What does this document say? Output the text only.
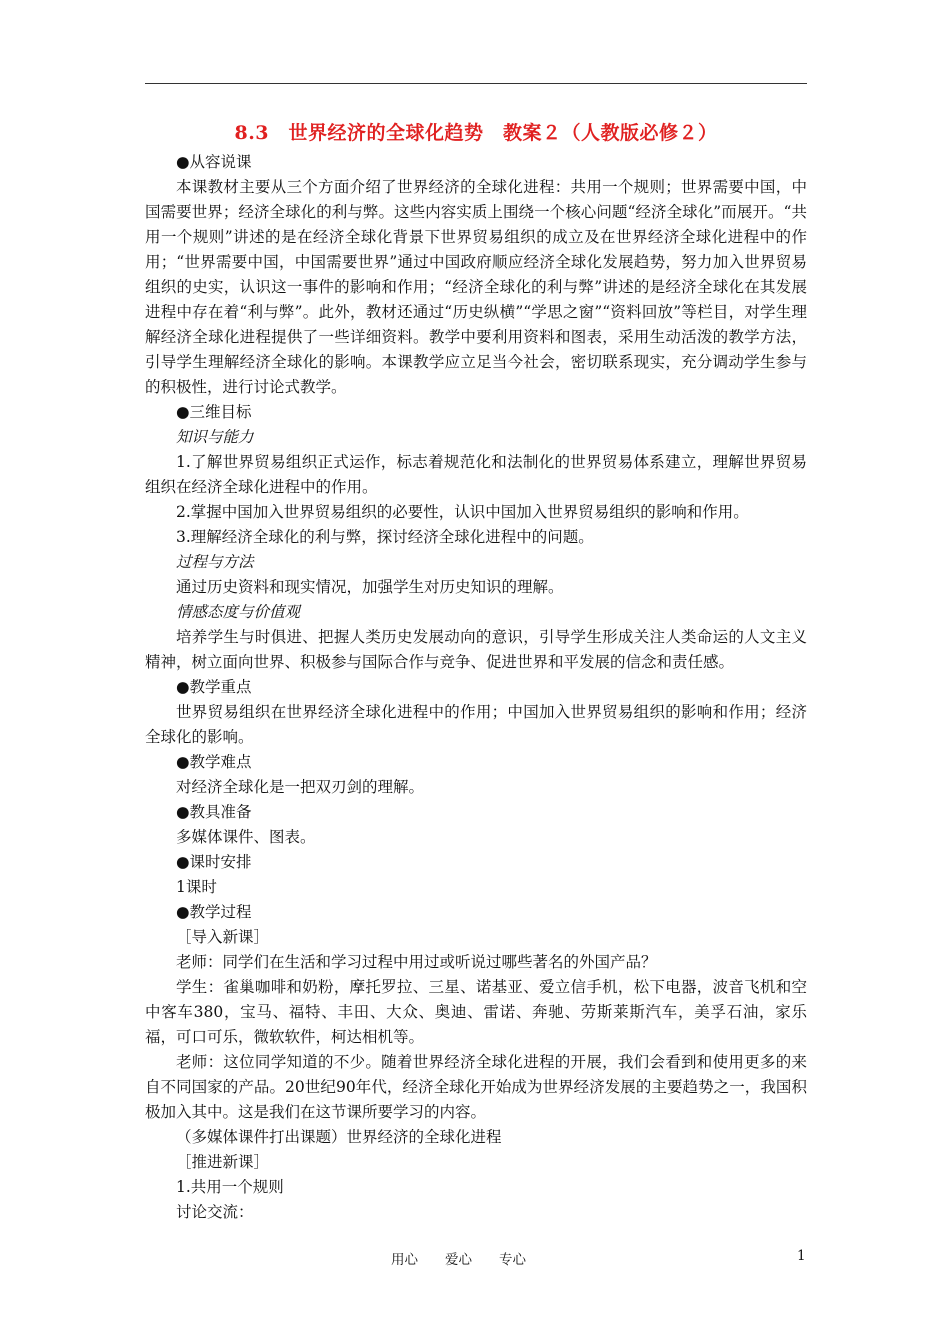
8.3　世界经济的全球化趋势　教案２（人教版必修２）

●从容说课

本课教材主要从三个方面介绍了世界经济的全球化进程：共用一个规则；世界需要中国，中国需要世界；经济全球化的利与弊。这些内容实质上围绕一个核心问题“经济全球化”而展开。“共用一个规则”讲述的是在经济全球化背景下世界贸易组织的成立及在世界经济全球化进程中的作用；“世界需要中国，中国需要世界”通过中国政府顺应经济全球化发展趋势，努力加入世界贸易组织的史实，认识这一事件的影响和作用；“经济全球化的利与弊”讲述的是经济全球化在其发展进程中存在着“利与弊”。此外，教材还通过“历史纵横”“学思之窗”“资料回放”等栏目，对学生理解经济全球化进程提供了一些详细资料。教学中要利用资料和图表，采用生动活泼的教学方法，引导学生理解经济全球化的影响。本课教学应立足当今社会，密切联系现实，充分调动学生参与的积极性，进行讨论式教学。

●三维目标

知识与能力

1.了解世界贸易组织正式运作，标志着规范化和法制化的世界贸易体系建立，理解世界贸易组织在经济全球化进程中的作用。

2.掌握中国加入世界贸易组织的必要性，认识中国加入世界贸易组织的影响和作用。

3.理解经济全球化的利与弊，探讨经济全球化进程中的问题。

过程与方法

通过历史资料和现实情况，加强学生对历史知识的理解。

情感态度与价值观

培养学生与时俱进、把握人类历史发展动向的意识，引导学生形成关注人类命运的人文主义精神，树立面向世界、积极参与国际合作与竞争、促进世界和平发展的信念和责任感。

●教学重点

世界贸易组织在世界经济全球化进程中的作用；中国加入世界贸易组织的影响和作用；经济全球化的影响。

●教学难点

对经济全球化是一把双刃剑的理解。

●教具准备

多媒体课件、图表。

●课时安排

1课时

●教学过程

［导入新课］

老师：同学们在生活和学习过程中用过或听说过哪些著名的外国产品？

学生：雀巢咖啡和奶粉，摩托罗拉、三星、诺基亚、爱立信手机，松下电器，波音飞机和空中客车380，宝马、福特、丰田、大众、奥迪、雷诺、奔驰、劳斯莱斯汽车，美孚石油，家乐福，可口可乐，微软软件，柯达相机等。

老师：这位同学知道的不少。随着世界经济全球化进程的开展，我们会看到和使用更多的来自不同国家的产品。20世纪90年代，经济全球化开始成为世界经济发展的主要趋势之一，我国积极加入其中。这是我们在这节课所要学习的内容。

（多媒体课件打出课题）世界经济的全球化进程

［推进新课］

1.共用一个规则

讨论交流：

用心　　爱心　　专心	1
